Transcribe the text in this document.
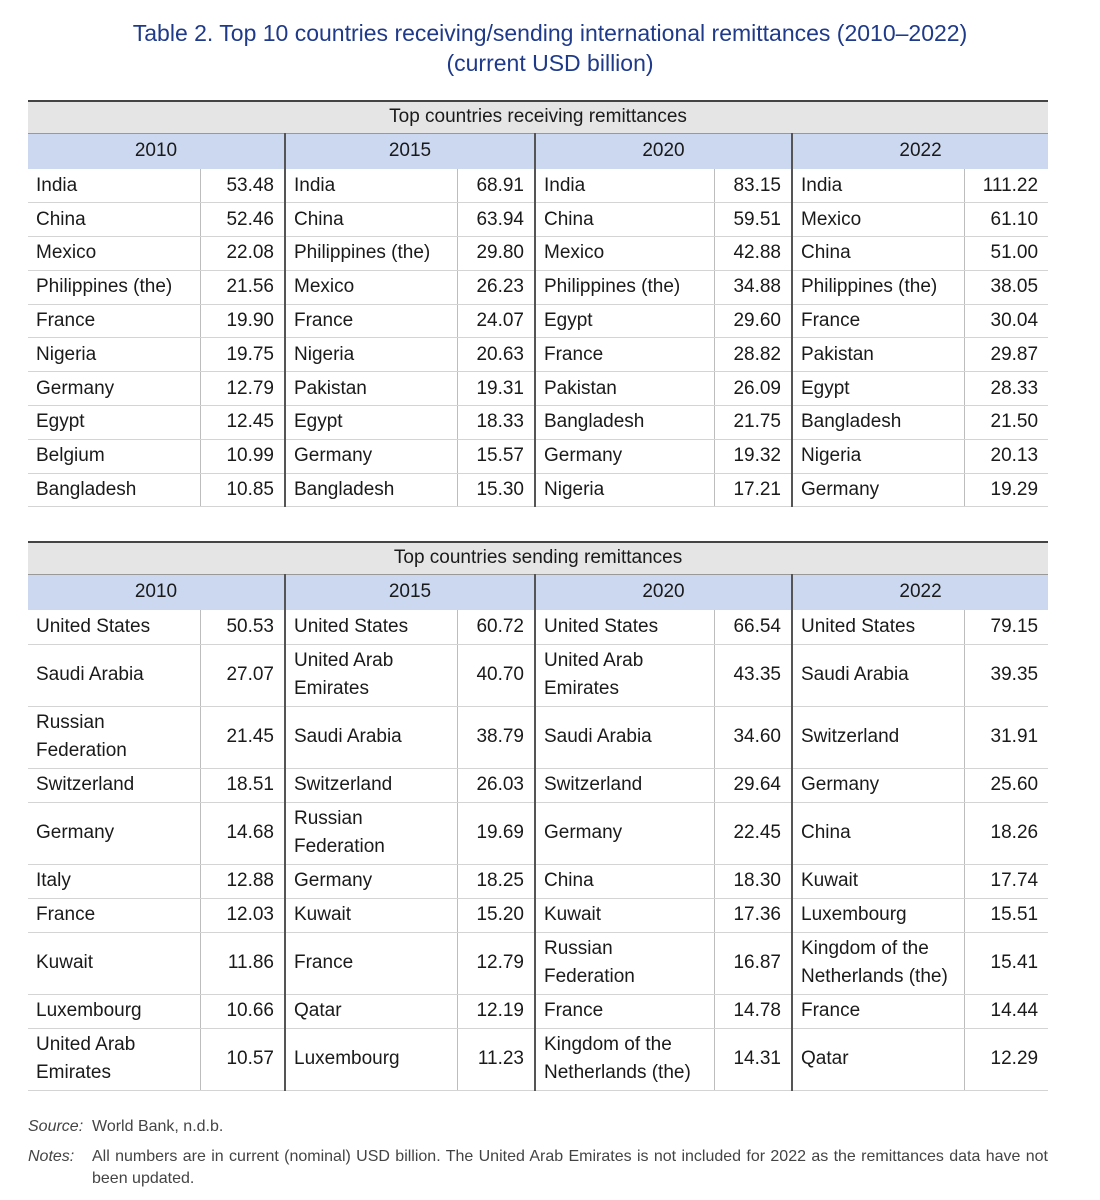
Table 2. Top 10 countries receiving/sending international remittances (2010–2022)
(current USD billion)
Top countries receiving remittances							
2010		2015		2020		2022	
India	53.48	India	68.91	India	83.15	India	111.22
China	52.46	China	63.94	China	59.51	Mexico	61.10
Mexico	22.08	Philippines (the)	29.80	Mexico	42.88	China	51.00
Philippines (the)	21.56	Mexico	26.23	Philippines (the)	34.88	Philippines (the)	38.05
France	19.90	France	24.07	Egypt	29.60	France	30.04
Nigeria	19.75	Nigeria	20.63	France	28.82	Pakistan	29.87
Germany	12.79	Pakistan	19.31	Pakistan	26.09	Egypt	28.33
Egypt	12.45	Egypt	18.33	Bangladesh	21.75	Bangladesh	21.50
Belgium	10.99	Germany	15.57	Germany	19.32	Nigeria	20.13
Bangladesh	10.85	Bangladesh	15.30	Nigeria	17.21	Germany	19.29
Top countries sending remittances							
2010		2015		2020		2022	
United States	50.53	United States	60.72	United States	66.54	United States	79.15
Saudi Arabia	27.07	United Arab Emirates	40.70	United Arab Emirates	43.35	Saudi Arabia	39.35
Russian Federation	21.45	Saudi Arabia	38.79	Saudi Arabia	34.60	Switzerland	31.91
Switzerland	18.51	Switzerland	26.03	Switzerland	29.64	Germany	25.60
Germany	14.68	Russian Federation	19.69	Germany	22.45	China	18.26
Italy	12.88	Germany	18.25	China	18.30	Kuwait	17.74
France	12.03	Kuwait	15.20	Kuwait	17.36	Luxembourg	15.51
Kuwait	11.86	France	12.79	Russian Federation	16.87	Kingdom of the Netherlands (the)	15.41
Luxembourg	10.66	Qatar	12.19	France	14.78	France	14.44
United Arab Emirates	10.57	Luxembourg	11.23	Kingdom of the Netherlands (the)	14.31	Qatar	12.29
Source: World Bank, n.d.b.
Notes:	All numbers are in current (nominal) USD billion. The United Arab Emirates is not included for 2022 as the remittances data have not been updated.
